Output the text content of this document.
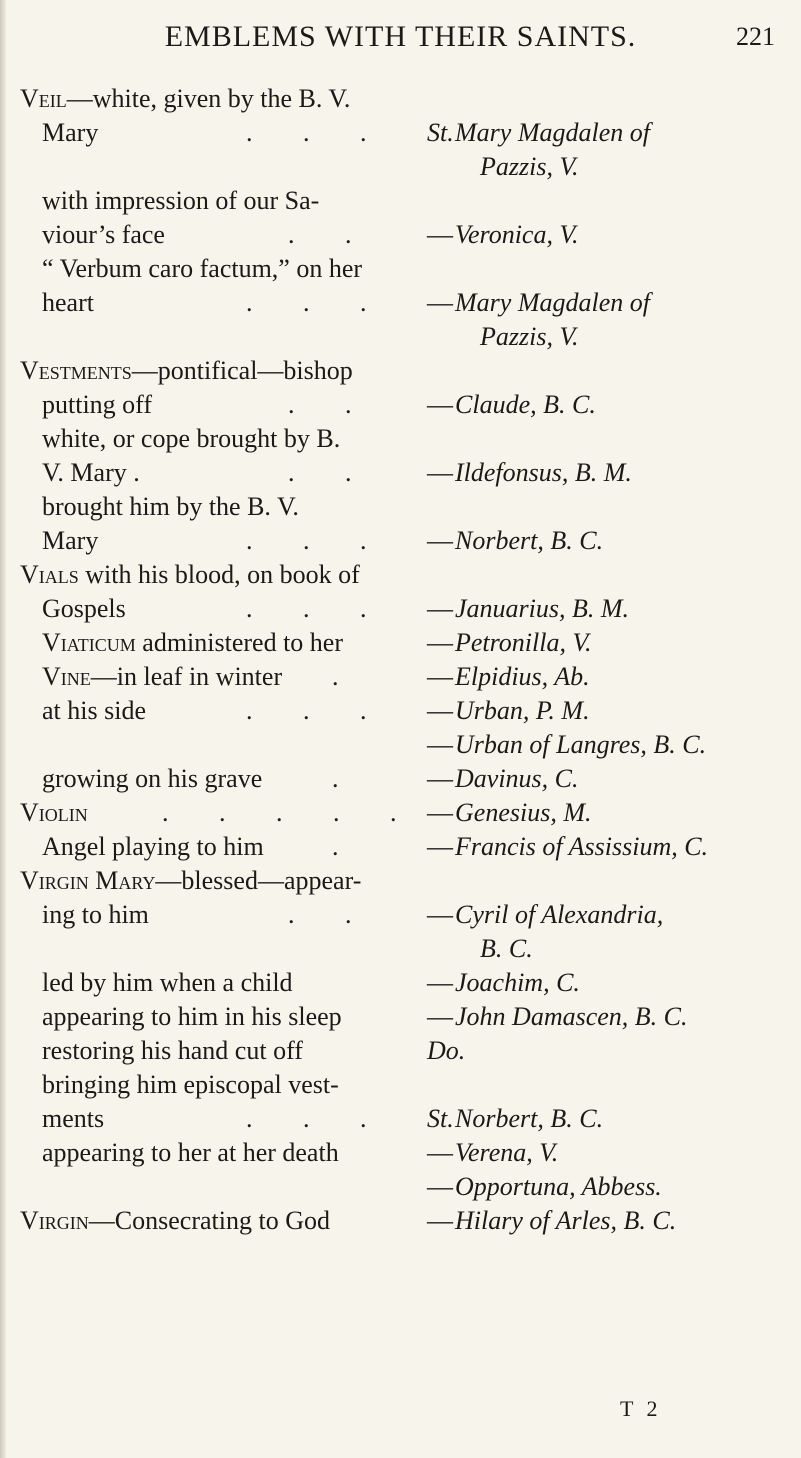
EMBLEMS WITH THEIR SAINTS.	221
Veil—white, given by the B. V.
Mary	. . . St. Mary Magdalen of
Pazzis, V.
with impression of our Sa-
viour’s face	. . — Veronica, V.
“ Verbum caro factum,” on her
heart	. . . — Mary Magdalen of
Pazzis, V.
Vestments—pontifical—bishop
putting off	. . — Claude, B. C.
white, or cope brought by B.
V. Mary .	. . — Ildefonsus, B. M.
brought him by the B. V.
Mary	. . . — Norbert, B. C.
Vials with his blood, on book of
Gospels	. . . — Januarius, B. M.
Viaticum administered to her	— Petronilla, V.
Vine—in leaf in winter .	— Elpidius, Ab.
at his side	. . . — Urban, P. M.
— Urban of Langres, B. C.
growing on his grave	.	— Davinus, C.
Violin	. . . . . — Genesius, M.
Angel playing to him	.	— Francis of Assissium, C.
Virgin Mary—blessed—appear-
ing to him	. . — Cyril of Alexandria,
B. C.
led by him when a child	— Joachim, C.
appearing to him in his sleep	— John Damascen, B. C.
restoring his hand cut off	Do.
bringing him episcopal vest-
ments	. . . St. Norbert, B. C.
appearing to her at her death	— Verena, V.
— Opportuna, Abbess.
Virgin—Consecrating to God	— Hilary of Arles, B. C.
T 2
